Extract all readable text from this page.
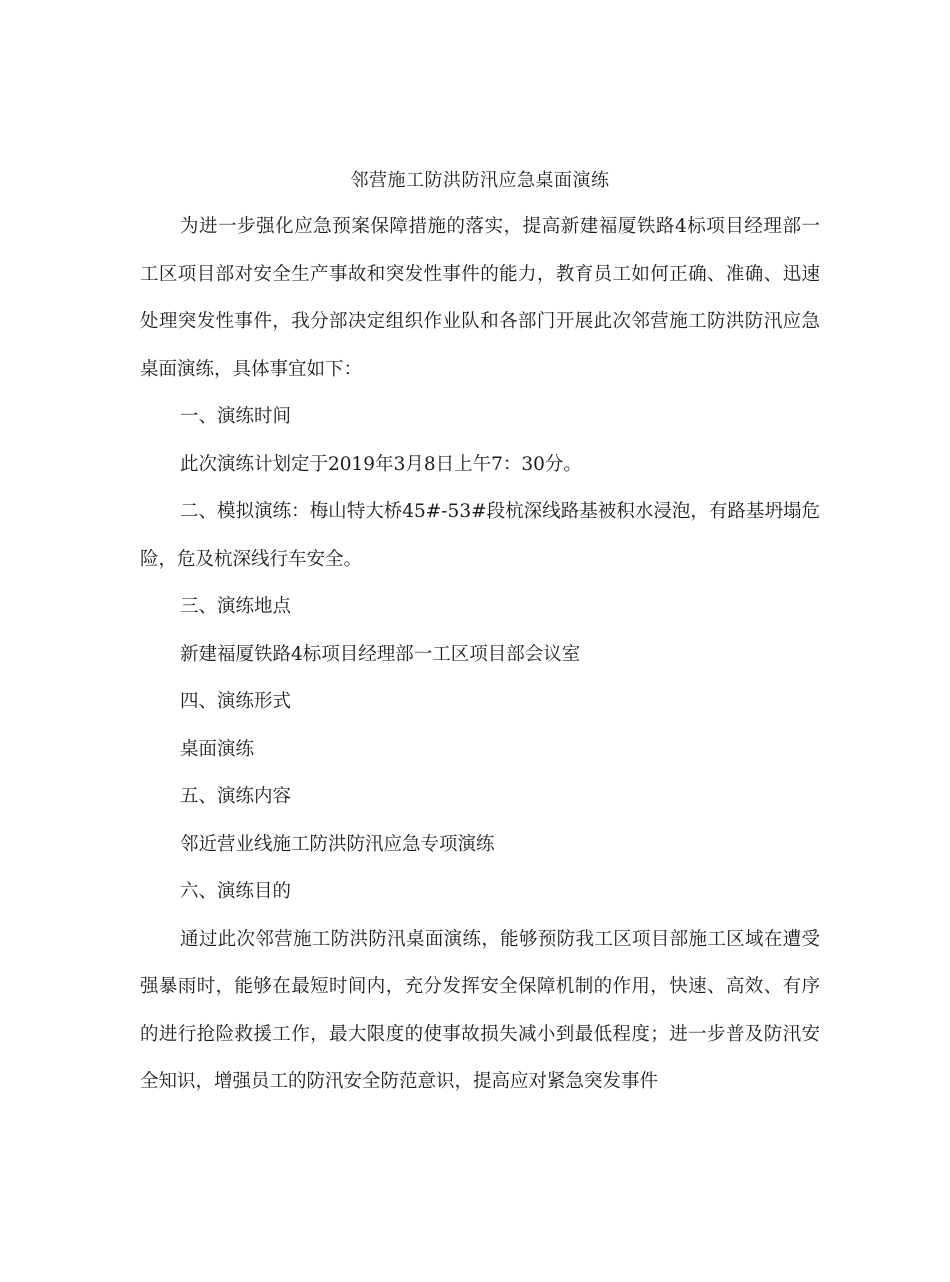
邻营施工防洪防汛应急桌面演练

为进一步强化应急预案保障措施的落实，提高新建福厦铁路4标项目经理部一工区项目部对安全生产事故和突发性事件的能力，教育员工如何正确、准确、迅速处理突发性事件，我分部决定组织作业队和各部门开展此次邻营施工防洪防汛应急桌面演练，具体事宜如下：

一、演练时间

此次演练计划定于2019年3月8日上午7：30分。

二、模拟演练：梅山特大桥45#-53#段杭深线路基被积水浸泡，有路基坍塌危险，危及杭深线行车安全。

三、演练地点

新建福厦铁路4标项目经理部一工区项目部会议室

四、演练形式

桌面演练

五、演练内容

邻近营业线施工防洪防汛应急专项演练

六、演练目的

通过此次邻营施工防洪防汛桌面演练，能够预防我工区项目部施工区域在遭受强暴雨时，能够在最短时间内，充分发挥安全保障机制的作用，快速、高效、有序的进行抢险救援工作，最大限度的使事故损失减小到最低程度；进一步普及防汛安全知识，增强员工的防汛安全防范意识，提高应对紧急突发事件
